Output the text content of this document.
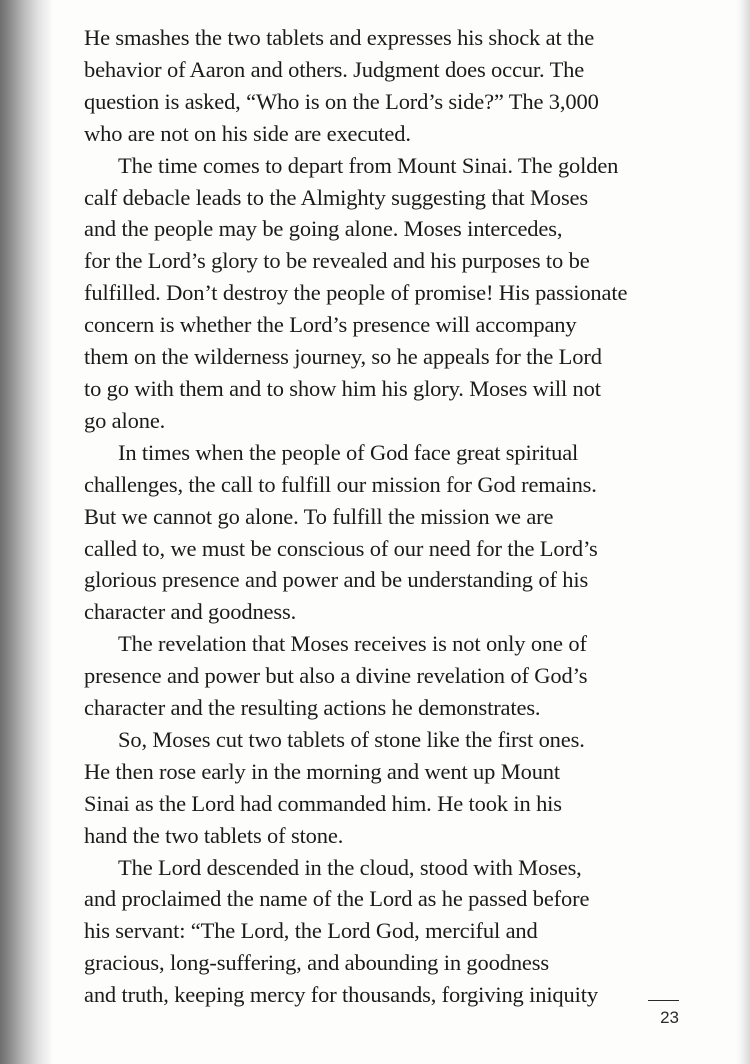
He smashes the two tablets and expresses his shock at the
behavior of Aaron and others. Judgment does occur. The
question is asked, “Who is on the Lord’s side?” The 3,000
who are not on his side are executed.
The time comes to depart from Mount Sinai. The golden
calf debacle leads to the Almighty suggesting that Moses
and the people may be going alone. Moses intercedes,
for the Lord’s glory to be revealed and his purposes to be
fulfilled. Don’t destroy the people of promise! His passionate
concern is whether the Lord’s presence will accompany
them on the wilderness journey, so he appeals for the Lord
to go with them and to show him his glory. Moses will not
go alone.
In times when the people of God face great spiritual
challenges, the call to fulfill our mission for God remains.
But we cannot go alone. To fulfill the mission we are
called to, we must be conscious of our need for the Lord’s
glorious presence and power and be understanding of his
character and goodness.
The revelation that Moses receives is not only one of
presence and power but also a divine revelation of God’s
character and the resulting actions he demonstrates.
So, Moses cut two tablets of stone like the first ones.
He then rose early in the morning and went up Mount
Sinai as the Lord had commanded him. He took in his
hand the two tablets of stone.
The Lord descended in the cloud, stood with Moses,
and proclaimed the name of the Lord as he passed before
his servant: “The Lord, the Lord God, merciful and
gracious, long-suffering, and abounding in goodness
and truth, keeping mercy for thousands, forgiving iniquity
23
